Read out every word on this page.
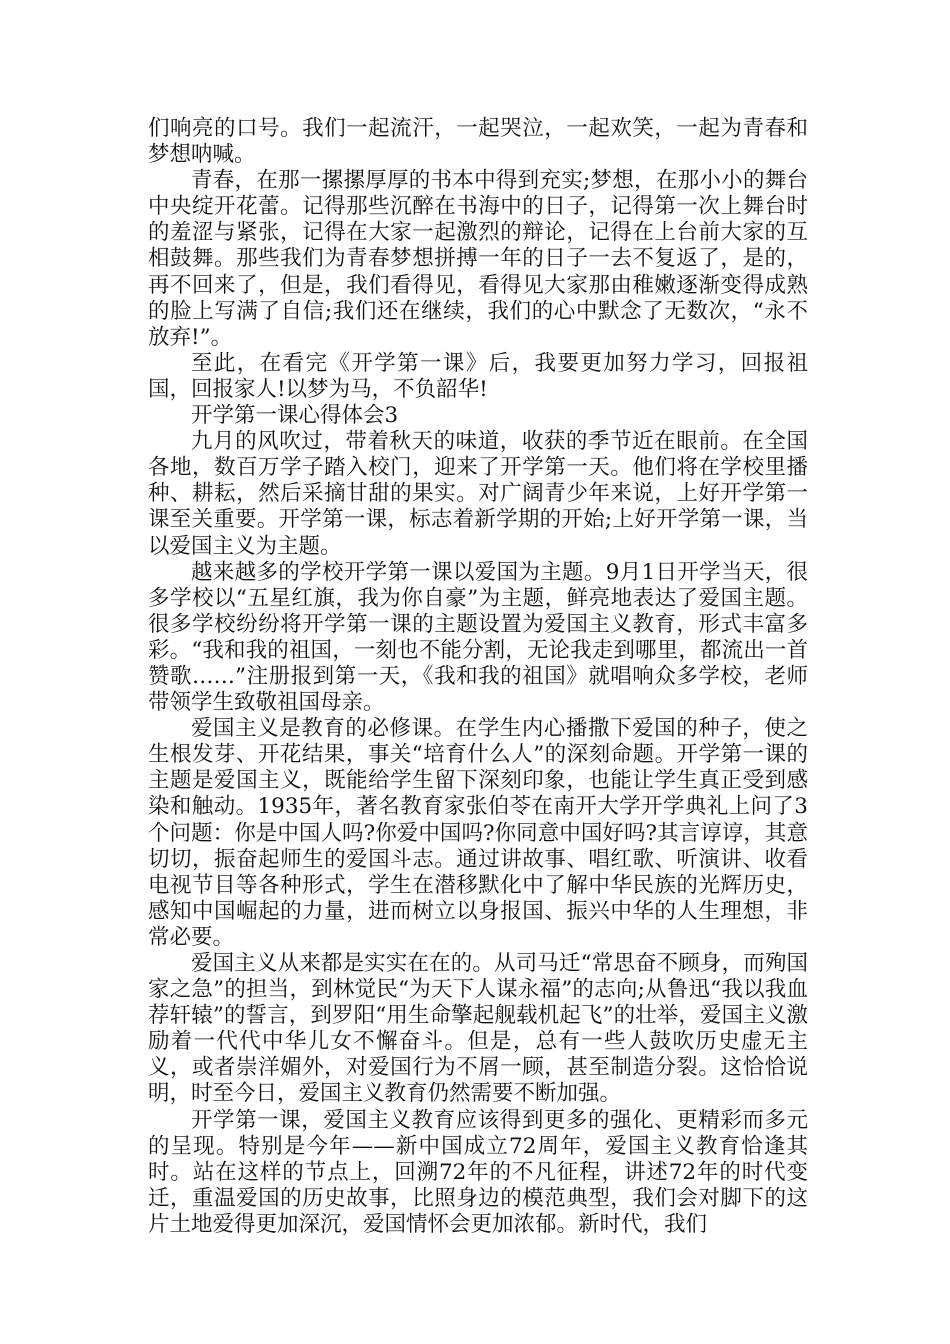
们响亮的口号。我们一起流汗，一起哭泣，一起欢笑，一起为青春和梦想呐喊。

青春，在那一摞摞厚厚的书本中得到充实;梦想，在那小小的舞台中央绽开花蕾。记得那些沉醉在书海中的日子，记得第一次上舞台时的羞涩与紧张，记得在大家一起激烈的辩论，记得在上台前大家的互相鼓舞。那些我们为青春梦想拼搏一年的日子一去不复返了，是的，再不回来了，但是，我们看得见，看得见大家那由稚嫩逐渐变得成熟的脸上写满了自信;我们还在继续，我们的心中默念了无数次，“永不放弃!”。

至此，在看完《开学第一课》后，我要更加努力学习，回报祖国，回报家人!以梦为马，不负韶华!

开学第一课心得体会3

九月的风吹过，带着秋天的味道，收获的季节近在眼前。在全国各地，数百万学子踏入校门，迎来了开学第一天。他们将在学校里播种、耕耘，然后采摘甘甜的果实。对广阔青少年来说，上好开学第一课至关重要。开学第一课，标志着新学期的开始;上好开学第一课，当以爱国主义为主题。

越来越多的学校开学第一课以爱国为主题。9月1日开学当天，很多学校以“五星红旗，我为你自豪”为主题，鲜亮地表达了爱国主题。很多学校纷纷将开学第一课的主题设置为爱国主义教育，形式丰富多彩。“我和我的祖国，一刻也不能分割，无论我走到哪里，都流出一首赞歌……”注册报到第一天，《我和我的祖国》就唱响众多学校，老师带领学生致敬祖国母亲。

爱国主义是教育的必修课。在学生内心播撒下爱国的种子，使之生根发芽、开花结果，事关“培育什么人”的深刻命题。开学第一课的主题是爱国主义，既能给学生留下深刻印象，也能让学生真正受到感染和触动。1935年，著名教育家张伯苓在南开大学开学典礼上问了3个问题：你是中国人吗?你爱中国吗?你同意中国好吗?其言谆谆，其意切切，振奋起师生的爱国斗志。通过讲故事、唱红歌、听演讲、收看电视节目等各种形式，学生在潜移默化中了解中华民族的光辉历史，感知中国崛起的力量，进而树立以身报国、振兴中华的人生理想，非常必要。

爱国主义从来都是实实在在的。从司马迁“常思奋不顾身，而殉国家之急”的担当，到林觉民“为天下人谋永福”的志向;从鲁迅“我以我血荐轩辕”的誓言，到罗阳“用生命擎起舰载机起飞”的壮举，爱国主义激励着一代代中华儿女不懈奋斗。但是，总有一些人鼓吹历史虚无主义，或者崇洋媚外，对爱国行为不屑一顾，甚至制造分裂。这恰恰说明，时至今日，爱国主义教育仍然需要不断加强。

开学第一课，爱国主义教育应该得到更多的强化、更精彩而多元的呈现。特别是今年——新中国成立72周年，爱国主义教育恰逢其时。站在这样的节点上，回溯72年的不凡征程，讲述72年的时代变迁，重温爱国的历史故事，比照身边的模范典型，我们会对脚下的这片土地爱得更加深沉，爱国情怀会更加浓郁。新时代，我们
